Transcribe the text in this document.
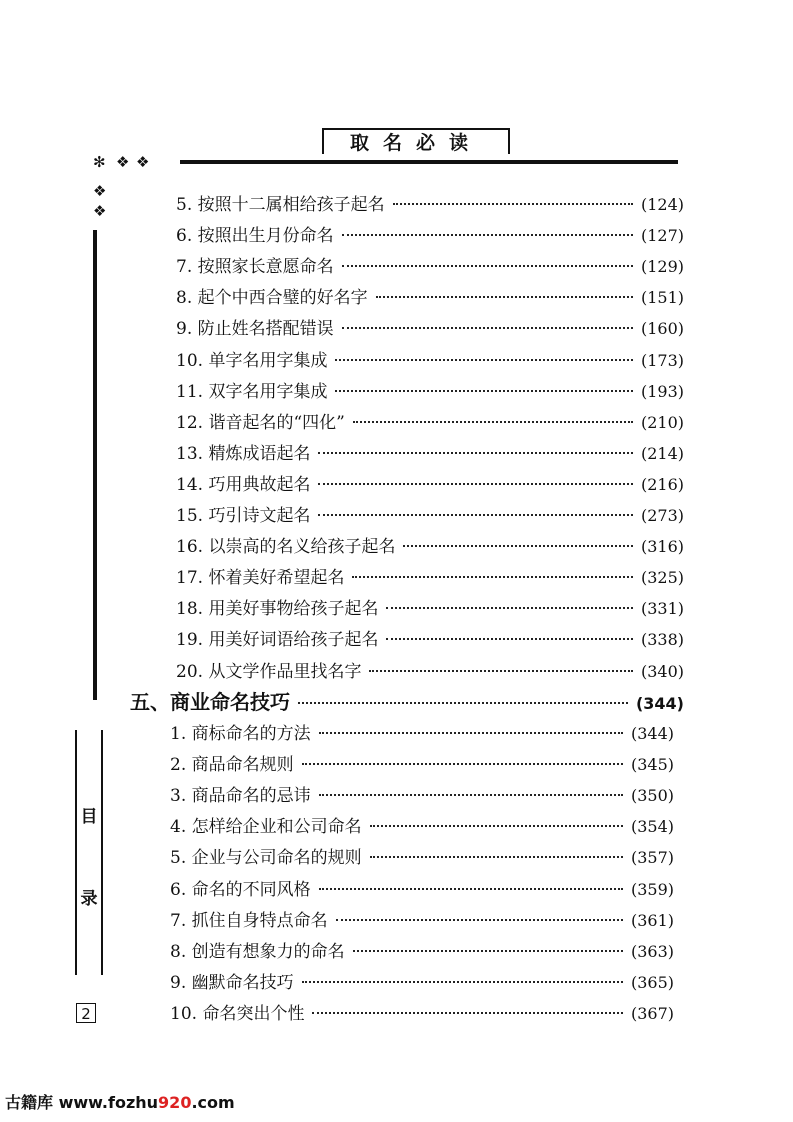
取名必读
✻ ❖ ❖
❖
❖
目
录
2
5. 按照十二属相给孩子起名	(124)
6. 按照出生月份命名	(127)
7. 按照家长意愿命名	(129)
8. 起个中西合璧的好名字	(151)
9. 防止姓名搭配错误	(160)
10. 单字名用字集成	(173)
11. 双字名用字集成	(193)
12. 谐音起名的“四化”	(210)
13. 精炼成语起名	(214)
14. 巧用典故起名	(216)
15. 巧引诗文起名	(273)
16. 以崇高的名义给孩子起名	(316)
17. 怀着美好希望起名	(325)
18. 用美好事物给孩子起名	(331)
19. 用美好词语给孩子起名	(338)
20. 从文学作品里找名字	(340)
五、商业命名技巧	(344)
1. 商标命名的方法	(344)
2. 商品命名规则	(345)
3. 商品命名的忌讳	(350)
4. 怎样给企业和公司命名	(354)
5. 企业与公司命名的规则	(357)
6. 命名的不同风格	(359)
7. 抓住自身特点命名	(361)
8. 创造有想象力的命名	(363)
9. 幽默命名技巧	(365)
10. 命名突出个性	(367)
古籍库 www.fozhu920.com
